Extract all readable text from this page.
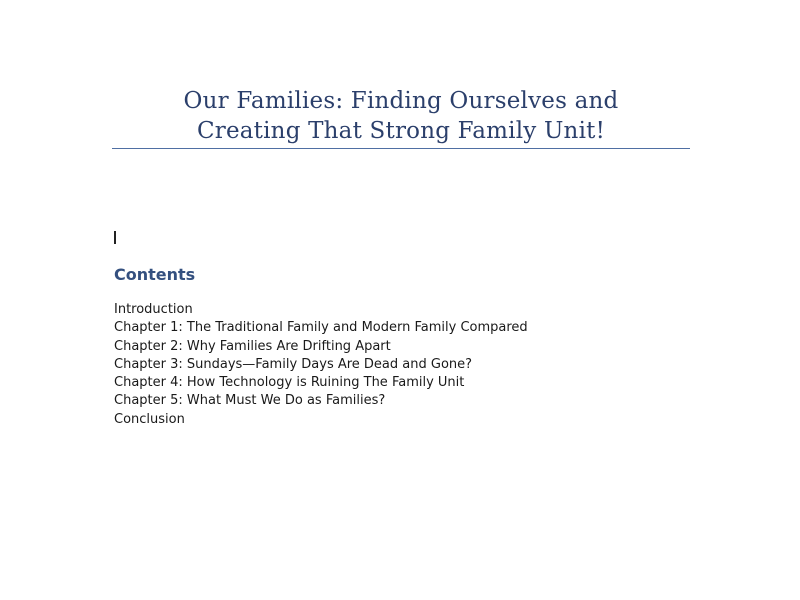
Our Families: Finding Ourselves and
Creating That Strong Family Unit!
Contents
Introduction
Chapter 1: The Traditional Family and Modern Family Compared
Chapter 2: Why Families Are Drifting Apart
Chapter 3: Sundays—Family Days Are Dead and Gone?
Chapter 4: How Technology is Ruining The Family Unit
Chapter 5: What Must We Do as Families?
Conclusion
